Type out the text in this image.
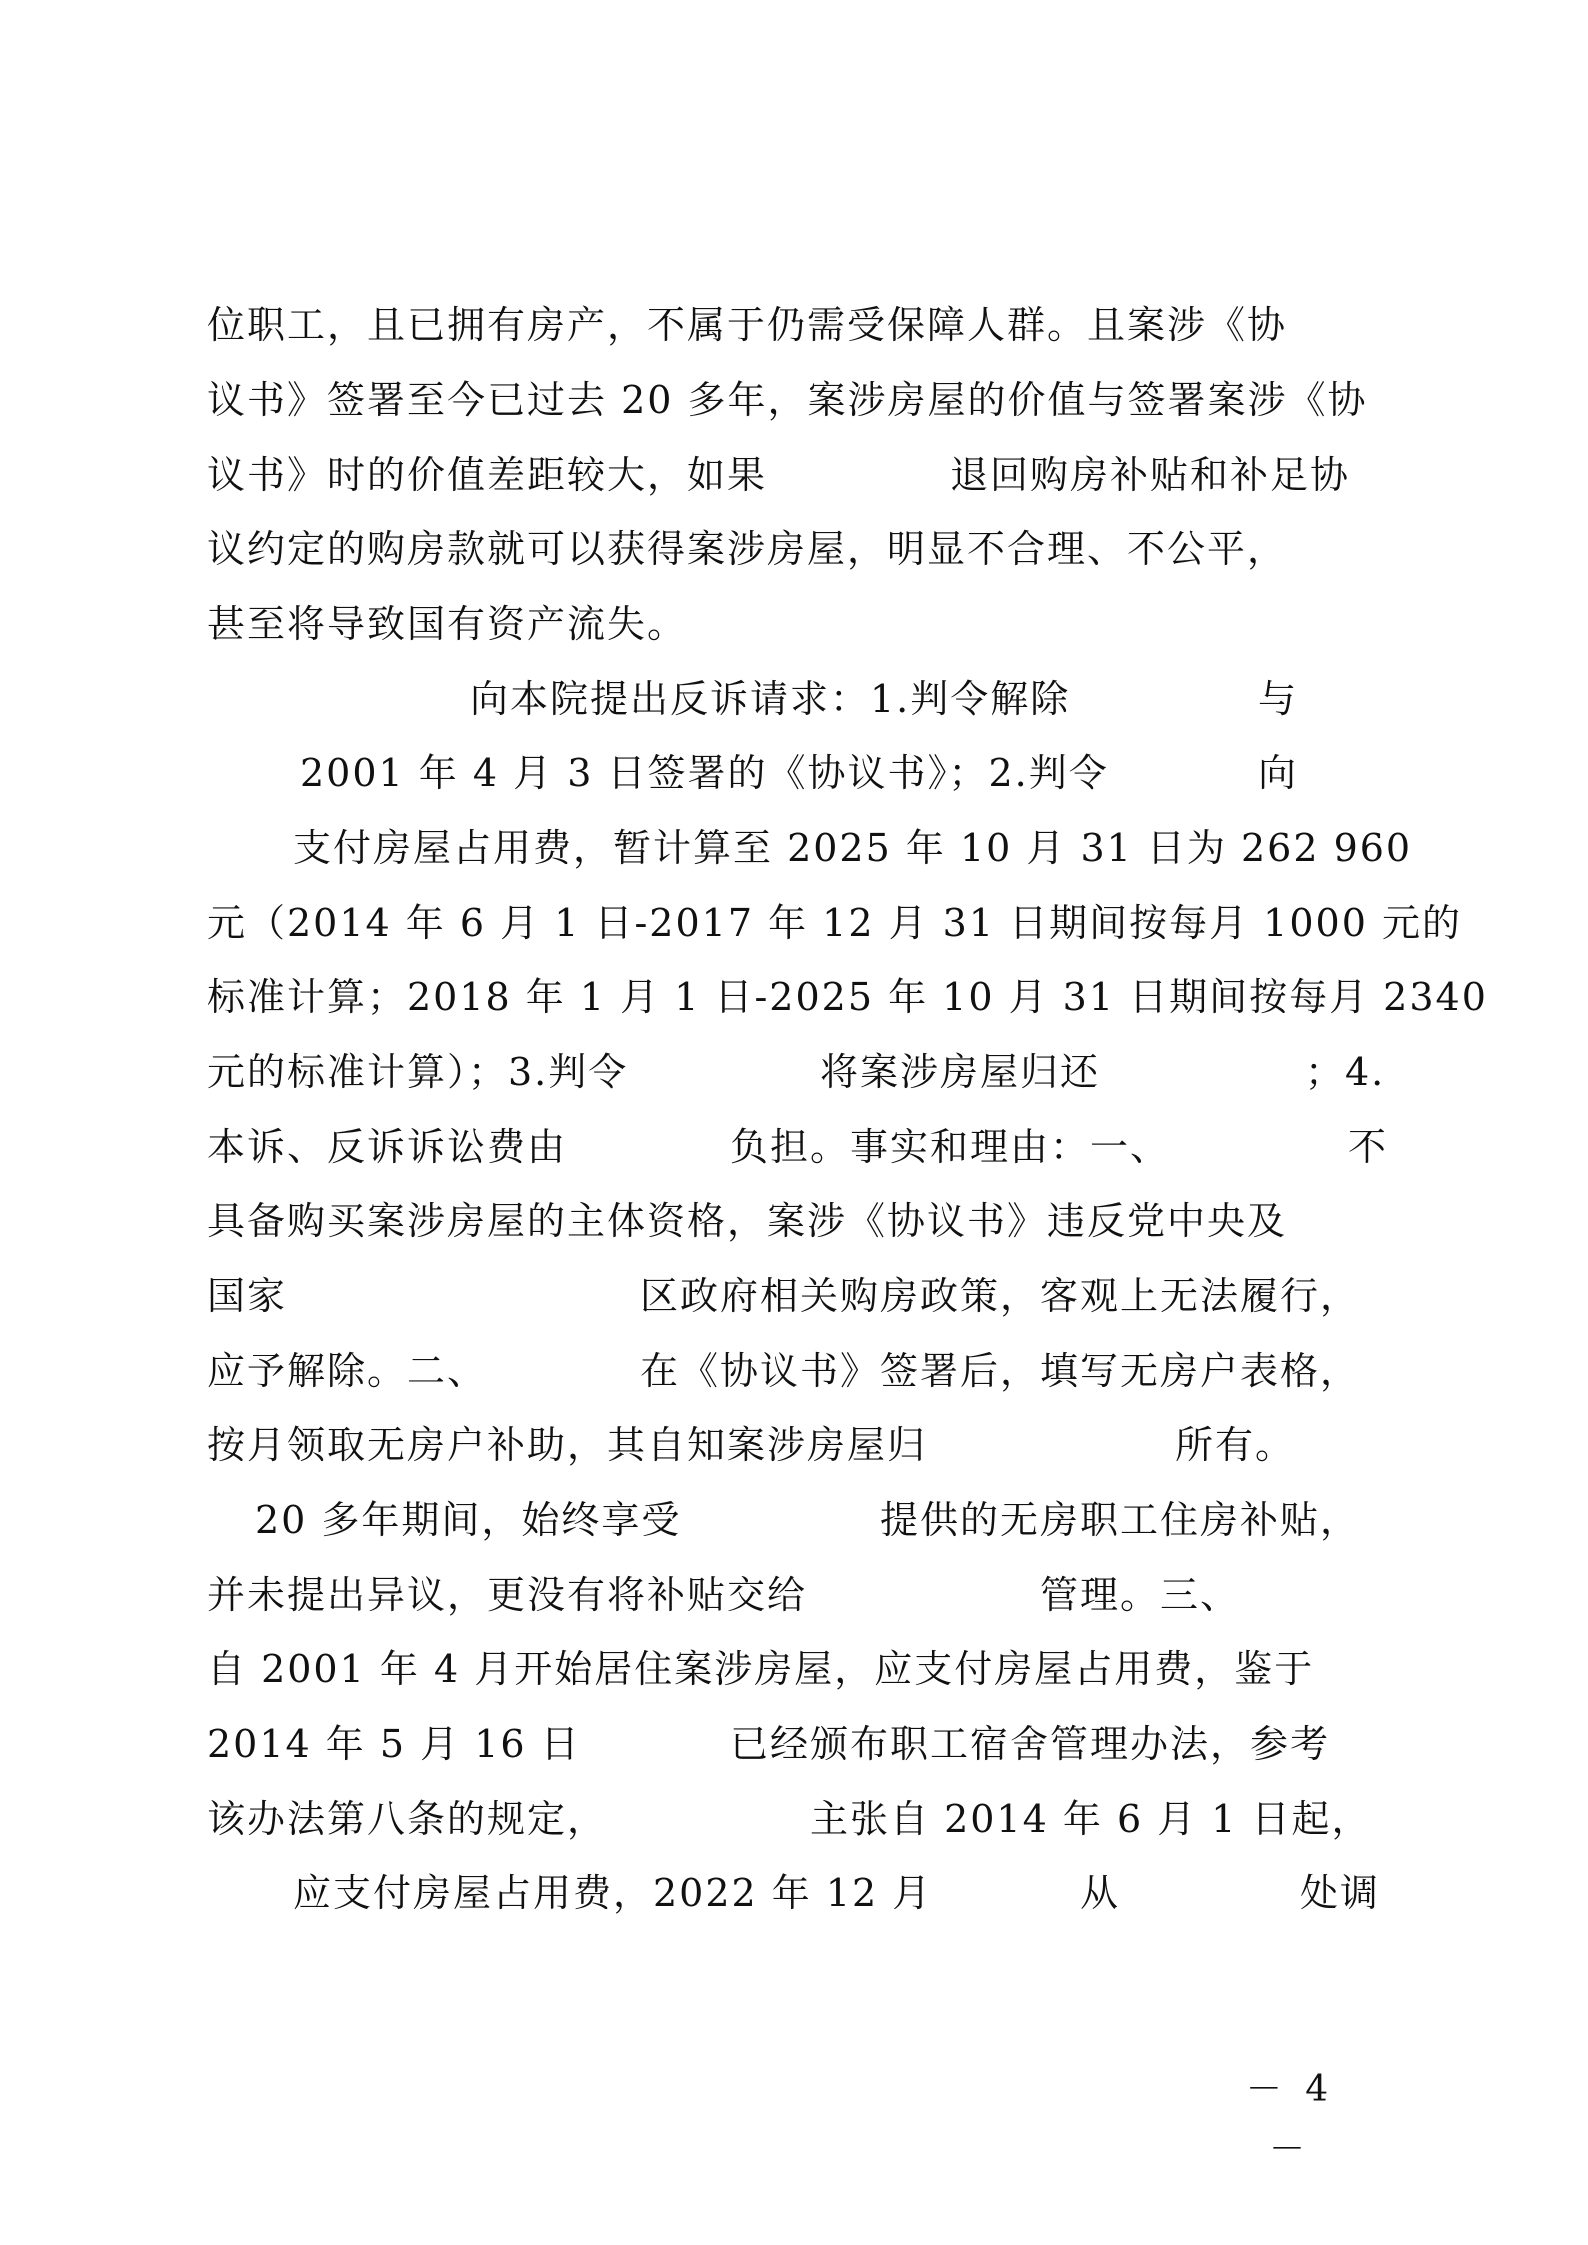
位职工，且已拥有房产，不属于仍需受保障人群。且案涉《协
议书》签署至今已过去 20 多年，案涉房屋的价值与签署案涉《协
议书》时的价值差距较大，如果	退回购房补贴和补足协
议约定的购房款就可以获得案涉房屋，明显不合理、不公平，
甚至将导致国有资产流失。
向本院提出反诉请求：1.判令解除	与
2001 年 4 月 3 日签署的《协议书》；2.判令	向
支付房屋占用费，暂计算至 2025 年 10 月 31 日为 262 960
元（2014 年 6 月 1 日-2017 年 12 月 31 日期间按每月 1000 元的
标准计算；2018 年 1 月 1 日-2025 年 10 月 31 日期间按每月 2340
元的标准计算）；3.判令	将案涉房屋归还	；4.
本诉、反诉诉讼费由	负担。事实和理由：一、	不
具备购买案涉房屋的主体资格，案涉《协议书》违反党中央及
国家	区政府相关购房政策，客观上无法履行，
应予解除。二、	在《协议书》签署后，填写无房户表格，
按月领取无房户补助，其自知案涉房屋归	所有。
20 多年期间，始终享受	提供的无房职工住房补贴，
并未提出异议，更没有将补贴交给	管理。三、
自 2001 年 4 月开始居住案涉房屋，应支付房屋占用费，鉴于
2014 年 5 月 16 日	已经颁布职工宿舍管理办法，参考
该办法第八条的规定，	主张自 2014 年 6 月 1 日起，
应支付房屋占用费，2022 年 12 月	从	处调
－ 4 －
